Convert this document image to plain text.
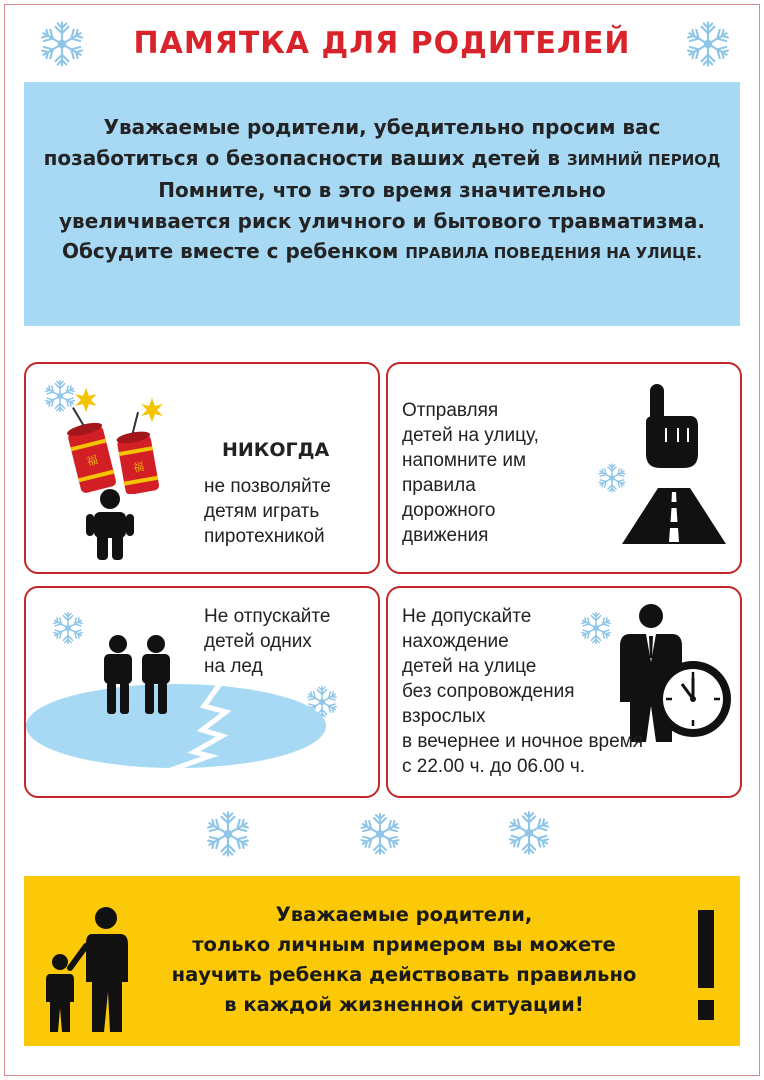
ПАМЯТКА ДЛЯ РОДИТЕЛЕЙ
Уважаемые родители, убедительно просим вас
позаботиться о безопасности ваших детей в ЗИМНИЙ ПЕРИОД
Помните, что в это время значительно
увеличивается риск уличного и бытового травматизма.
Обсудите вместе с ребенком ПРАВИЛА ПОВЕДЕНИЯ НА УЛИЦЕ.
福	福
НИКОГДА
не позволяйте
детям играть
пиротехникой
Отправляя
детей на улицу,
напомните им
правила
дорожного
движения
Не отпускайте
детей одних
на лед
Не допускайте
нахождение
детей на улице
без сопровождения
взрослых
в вечернее и ночное время
с 22.00 ч. до 06.00 ч.
Уважаемые родители,
только личным примером вы можете
научить ребенка действовать правильно
в каждой жизненной ситуации!
